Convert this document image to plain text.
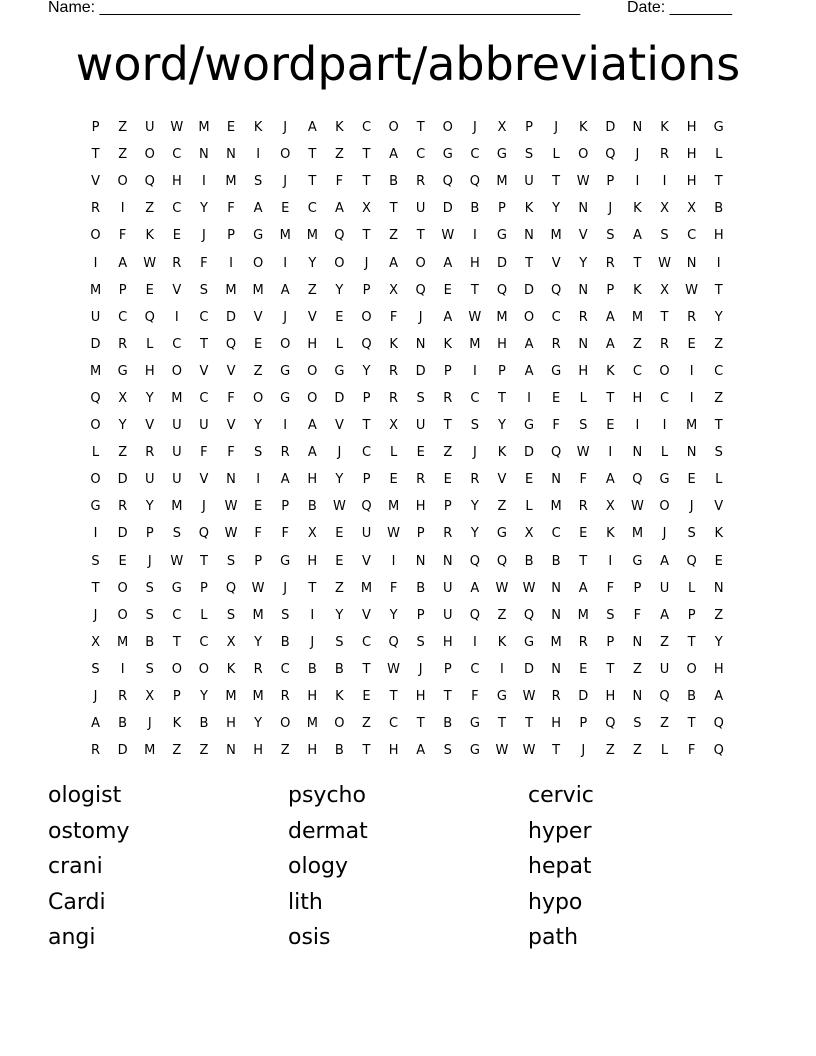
Name: ______________________________________________________	Date: _______
word/wordpart/abbreviations
P	Z	U	W	M	E	K	J	A	K	C	O	T	O	J	X	P	J	K	D	N	K	H	G
T	Z	O	C	N	N	I	O	T	Z	T	A	C	G	C	G	S	L	O	Q	J	R	H	L
V	O	Q	H	I	M	S	J	T	F	T	B	R	Q	Q	M	U	T	W	P	I	I	H	T
R	I	Z	C	Y	F	A	E	C	A	X	T	U	D	B	P	K	Y	N	J	K	X	X	B
O	F	K	E	J	P	G	M	M	Q	T	Z	T	W	I	G	N	M	V	S	A	S	C	H
I	A	W	R	F	I	O	I	Y	O	J	A	O	A	H	D	T	V	Y	R	T	W	N	I
M	P	E	V	S	M	M	A	Z	Y	P	X	Q	E	T	Q	D	Q	N	P	K	X	W	T
U	C	Q	I	C	D	V	J	V	E	O	F	J	A	W	M	O	C	R	A	M	T	R	Y
D	R	L	C	T	Q	E	O	H	L	Q	K	N	K	M	H	A	R	N	A	Z	R	E	Z
M	G	H	O	V	V	Z	G	O	G	Y	R	D	P	I	P	A	G	H	K	C	O	I	C
Q	X	Y	M	C	F	O	G	O	D	P	R	S	R	C	T	I	E	L	T	H	C	I	Z
O	Y	V	U	U	V	Y	I	A	V	T	X	U	T	S	Y	G	F	S	E	I	I	M	T
L	Z	R	U	F	F	S	R	A	J	C	L	E	Z	J	K	D	Q	W	I	N	L	N	S
O	D	U	U	V	N	I	A	H	Y	P	E	R	E	R	V	E	N	F	A	Q	G	E	L
G	R	Y	M	J	W	E	P	B	W	Q	M	H	P	Y	Z	L	M	R	X	W	O	J	V
I	D	P	S	Q	W	F	F	X	E	U	W	P	R	Y	G	X	C	E	K	M	J	S	K
S	E	J	W	T	S	P	G	H	E	V	I	N	N	Q	Q	B	B	T	I	G	A	Q	E
T	O	S	G	P	Q	W	J	T	Z	M	F	B	U	A	W	W	N	A	F	P	U	L	N
J	O	S	C	L	S	M	S	I	Y	V	Y	P	U	Q	Z	Q	N	M	S	F	A	P	Z
X	M	B	T	C	X	Y	B	J	S	C	Q	S	H	I	K	G	M	R	P	N	Z	T	Y
S	I	S	O	O	K	R	C	B	B	T	W	J	P	C	I	D	N	E	T	Z	U	O	H
J	R	X	P	Y	M	M	R	H	K	E	T	H	T	F	G	W	R	D	H	N	Q	B	A
A	B	J	K	B	H	Y	O	M	O	Z	C	T	B	G	T	T	H	P	Q	S	Z	T	Q
R	D	M	Z	Z	N	H	Z	H	B	T	H	A	S	G	W	W	T	J	Z	Z	L	F	Q
ologist	psycho	cervic
ostomy	dermat	hyper
crani	ology	hepat
Cardi	lith	hypo
angi	osis	path
